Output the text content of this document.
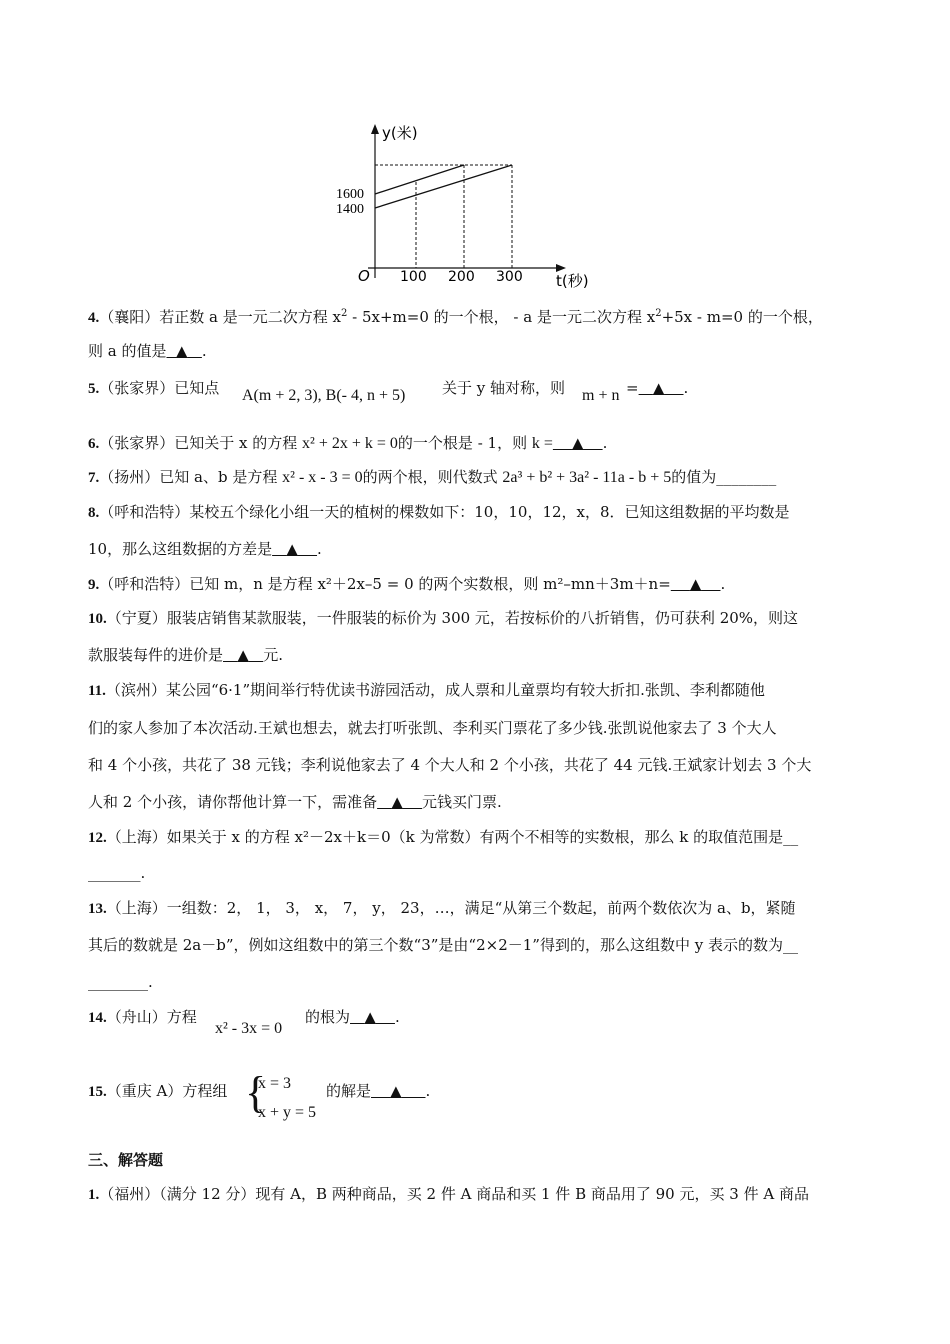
y(米)
t(秒)
O
1600
1400
100 200 300
4.（襄阳）若正数 a 是一元二次方程 $x^2 - 5x+m=0$ 的一个根， - a 是一元二次方程 $x^2+5x - m=0$ 的一个根，
则 a 的值是 ▲ .
5.（张家界）已知点 A(m + 2, 3), B(- 4, n + 5) 关于 y 轴对称，则 m + n = ▲ .
6.（张家界）已知关于 x 的方程 x² + 2x + k = 0的一个根是 - 1，则 k = ▲ .
7.（扬州）已知 a、b 是方程 x² - x - 3 = 0的两个根，则代数式 2a³ + b² + 3a² - 11a - b + 5的值为________
8.（呼和浩特）某校五个绿化小组一天的植树的棵数如下：10，10，12，x，8．已知这组数据的平均数是
10，那么这组数据的方差是 ▲ .
9.（呼和浩特）已知 m，n 是方程 x²＋2x–5 = 0 的两个实数根，则 m²–mn＋3m＋n= ▲ .
10.（宁夏）服装店销售某款服装，一件服装的标价为 300 元，若按标价的八折销售，仍可获利 20%，则这
款服装每件的进价是 ▲ 元.
11.（滨州）某公园“6·1”期间举行特优读书游园活动，成人票和儿童票均有较大折扣.张凯、李利都随他
们的家人参加了本次活动.王斌也想去，就去打听张凯、李利买门票花了多少钱.张凯说他家去了 3 个大人
和 4 个小孩，共花了 38 元钱；李利说他家去了 4 个大人和 2 个小孩，共花了 44 元钱.王斌家计划去 3 个大
人和 2 个小孩，请你帮他计算一下，需准备 ▲ 元钱买门票.
12.（上海）如果关于 x 的方程 x²－2x＋k＝0（k 为常数）有两个不相等的实数根，那么 k 的取值范围是__
_______.
13.（上海）一组数：2， 1， 3， x， 7， y， 23，…，满足“从第三个数起，前两个数依次为 a、b，紧随
其后的数就是 2a－b”，例如这组数中的第三个数“3”是由“2×2－1”得到的，那么这组数中 y 表示的数为__
________.
14.（舟山）方程
x² - 3x = 0
的根为 ▲ .
15.（重庆 A）方程组 {
x = 3
x + y = 5
的解是 ▲ .
三、解答题
1.（福州）（满分 12 分）现有 A，B 两种商品，买 2 件 A 商品和买 1 件 B 商品用了 90 元，买 3 件 A 商品
